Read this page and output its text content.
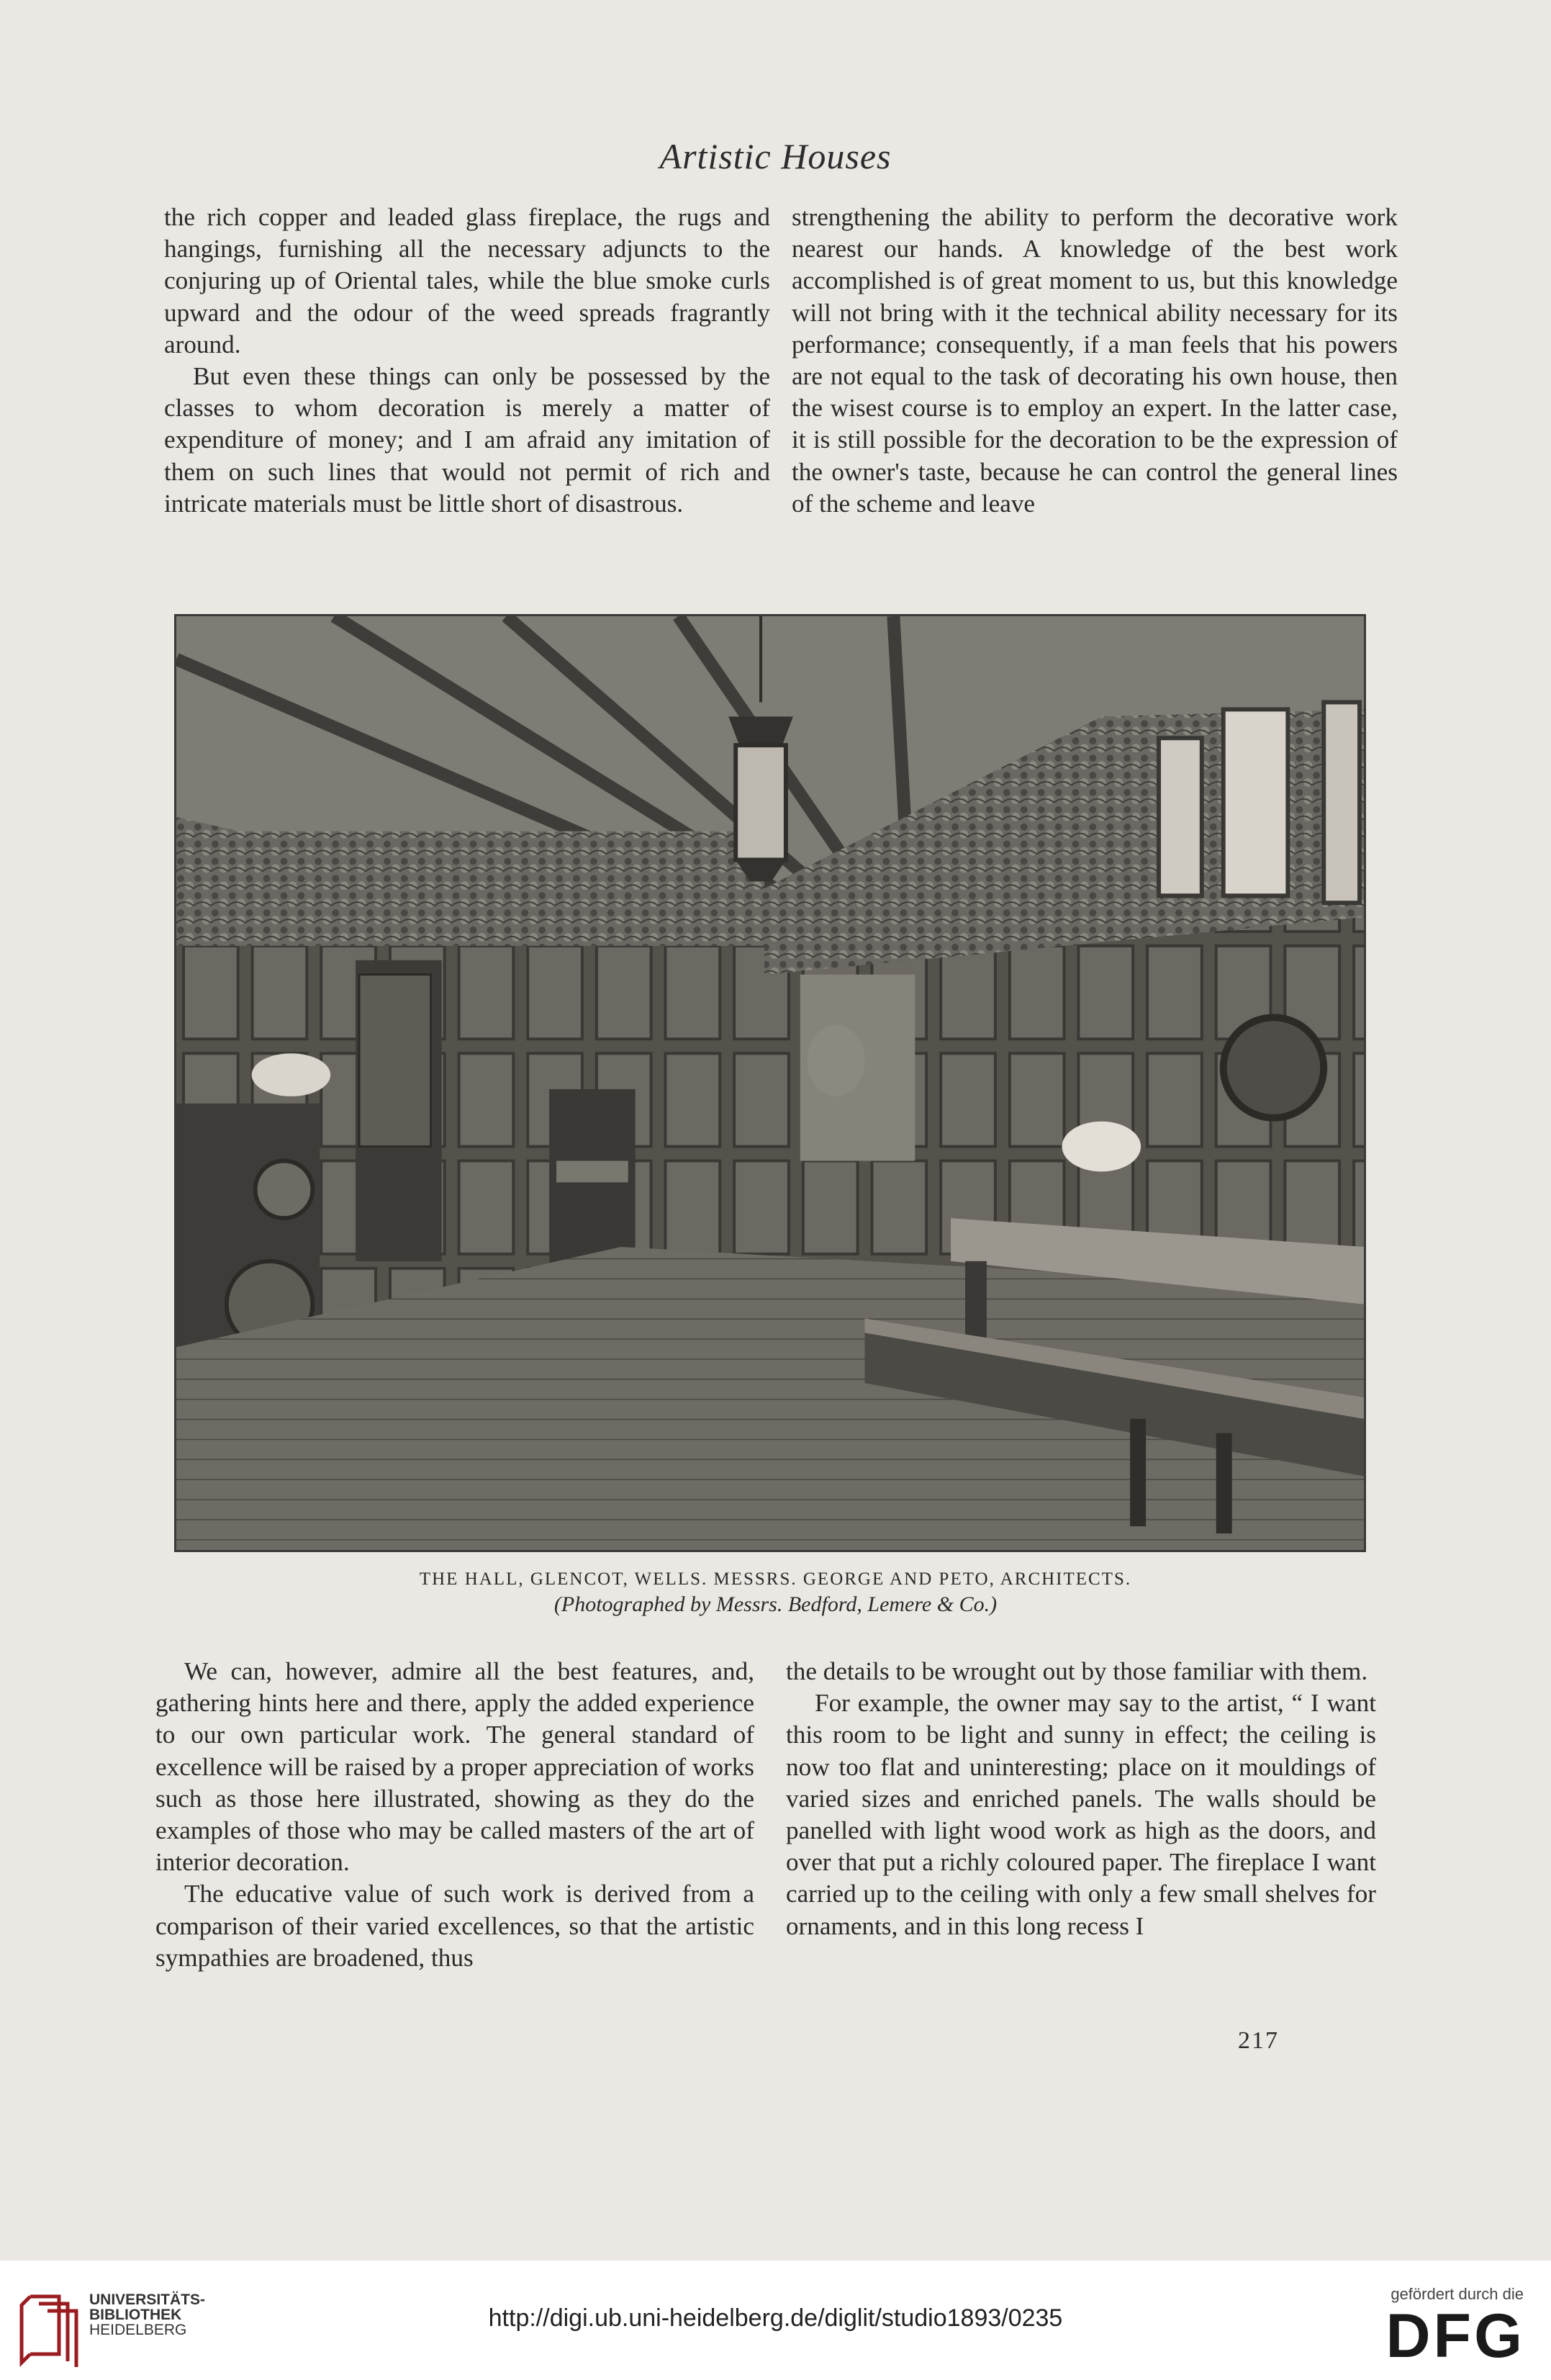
Artistic Houses

the rich copper and leaded glass fireplace, the rugs and hangings, furnishing all the necessary adjuncts to the conjuring up of Oriental tales, while the blue smoke curls upward and the odour of the weed spreads fragrantly around.

But even these things can only be possessed by the classes to whom decoration is merely a matter of expenditure of money; and I am afraid any imitation of them on such lines that would not permit of rich and intricate materials must be little short of disastrous.

strengthening the ability to perform the decorative work nearest our hands. A knowledge of the best work accomplished is of great moment to us, but this knowledge will not bring with it the technical ability necessary for its performance; consequently, if a man feels that his powers are not equal to the task of decorating his own house, then the wisest course is to employ an expert. In the latter case, it is still possible for the decoration to be the expression of the owner's taste, because he can control the general lines of the scheme and leave

THE HALL, GLENCOT, WELLS. MESSRS. GEORGE AND PETO, ARCHITECTS.
(Photographed by Messrs. Bedford, Lemere & Co.)

We can, however, admire all the best features, and, gathering hints here and there, apply the added experience to our own particular work. The general standard of excellence will be raised by a proper appreciation of works such as those here illustrated, showing as they do the examples of those who may be called masters of the art of interior decoration.

The educative value of such work is derived from a comparison of their varied excellences, so that the artistic sympathies are broadened, thus

the details to be wrought out by those familiar with them.

For example, the owner may say to the artist, “ I want this room to be light and sunny in effect; the ceiling is now too flat and uninteresting; place on it mouldings of varied sizes and enriched panels. The walls should be panelled with light wood work as high as the doors, and over that put a richly coloured paper. The fireplace I want carried up to the ceiling with only a few small shelves for ornaments, and in this long recess I

217
UNIVERSITÄTS-
BIBLIOTHEK
HEIDELBERG	http://digi.ub.uni-heidelberg.de/diglit/studio1893/0235
gefördert durch die
DFG
